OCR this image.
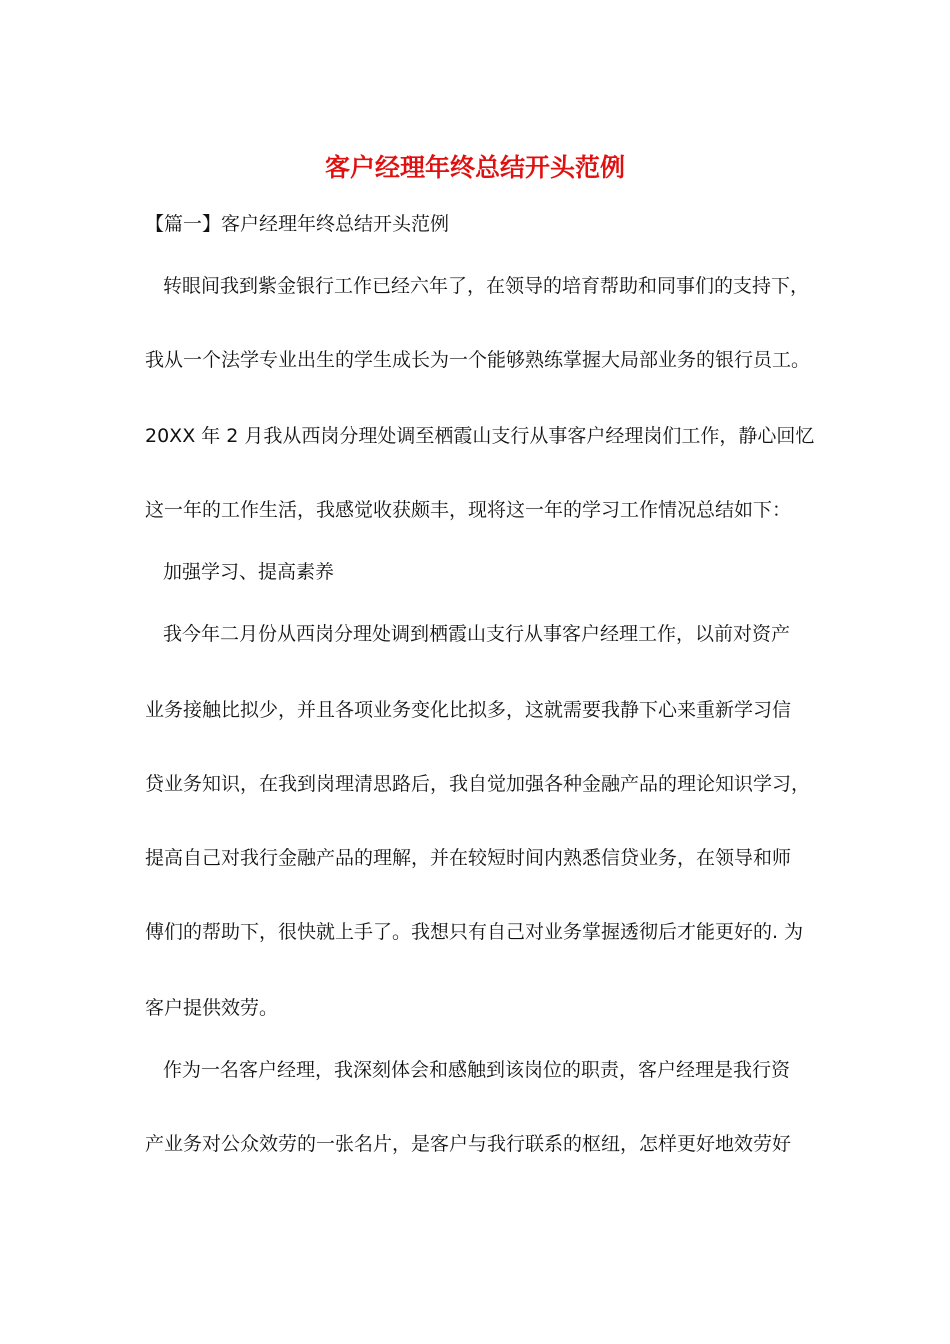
客户经理年终总结开头范例
【篇一】客户经理年终总结开头范例
转眼间我到紫金银行工作已经六年了，在领导的培育帮助和同事们的支持下，
我从一个法学专业出生的学生成长为一个能够熟练掌握大局部业务的银行员工。
20XX 年 2 月我从西岗分理处调至栖霞山支行从事客户经理岗们工作，静心回忆
这一年的工作生活，我感觉收获颇丰，现将这一年的学习工作情况总结如下：
加强学习、提高素养
我今年二月份从西岗分理处调到栖霞山支行从事客户经理工作，以前对资产
业务接触比拟少，并且各项业务变化比拟多，这就需要我静下心来重新学习信
贷业务知识，在我到岗理清思路后，我自觉加强各种金融产品的理论知识学习，
提高自己对我行金融产品的理解，并在较短时间内熟悉信贷业务，在领导和师
傅们的帮助下，很快就上手了。我想只有自己对业务掌握透彻后才能更好的. 为
客户提供效劳。
作为一名客户经理，我深刻体会和感触到该岗位的职责，客户经理是我行资
产业务对公众效劳的一张名片，是客户与我行联系的枢纽，怎样更好地效劳好
